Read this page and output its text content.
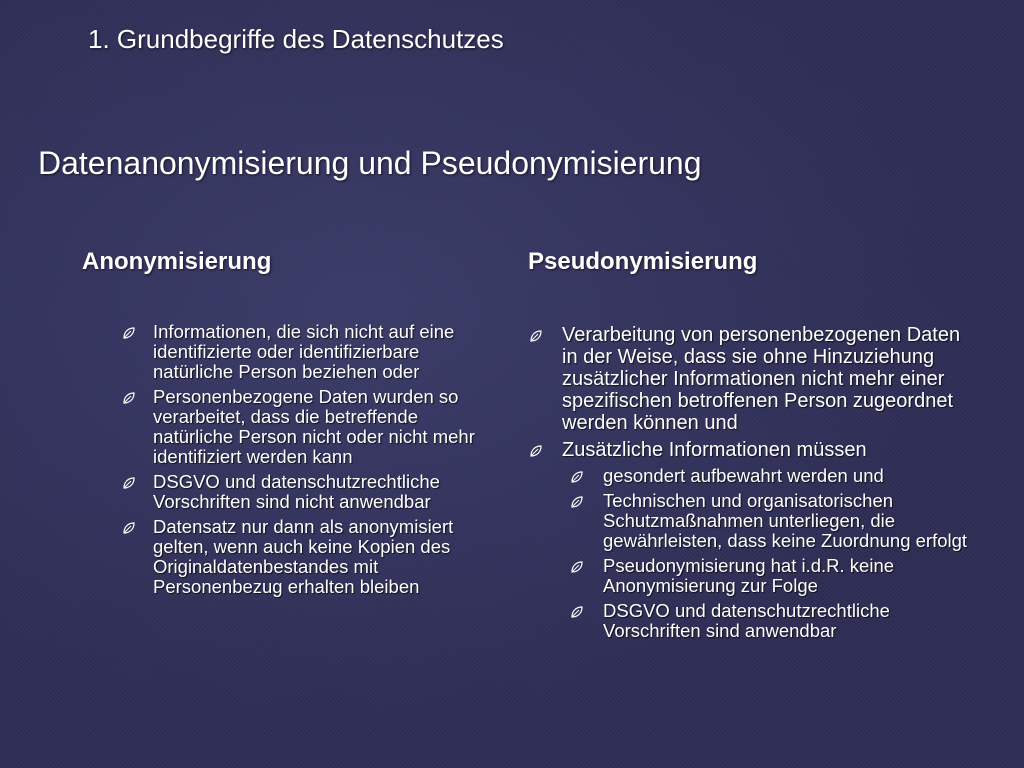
1. Grundbegriffe des Datenschutzes
Datenanonymisierung und Pseudonymisierung
Anonymisierung	Pseudonymisierung
Informationen, die sich nicht auf eine identifizierte oder identifizierbare natürliche Person beziehen oder
Personenbezogene Daten wurden so verarbeitet, dass die betreffende natürliche Person nicht oder nicht mehr identifiziert werden kann
DSGVO und datenschutzrechtliche Vorschriften sind nicht anwendbar
Datensatz nur dann als anonymisiert gelten, wenn auch keine Kopien des Originaldatenbestandes mit Personenbezug erhalten bleiben
Verarbeitung von personenbezogenen Daten in der Weise, dass sie ohne Hinzuziehung zusätzlicher Informationen nicht mehr einer spezifischen betroffenen Person zugeordnet werden können und
Zusätzliche Informationen müssen
gesondert aufbewahrt werden und
Technischen und organisatorischen Schutzmaßnahmen unterliegen, die gewährleisten, dass keine Zuordnung erfolgt
Pseudonymisierung hat i.d.R. keine Anonymisierung zur Folge
DSGVO und datenschutzrechtliche Vorschriften sind anwendbar
